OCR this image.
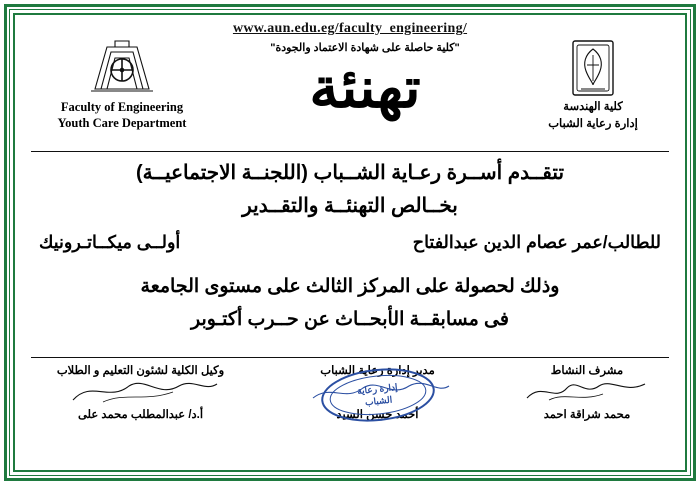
www.aun.edu.eg/faculty_engineering/
Faculty of Engineering
Youth Care Department
"كلية حاصلة على شهادة الاعتماد والجودة"
تهنئة	كلية الهندسة
إدارة رعاية الشباب
تتقــدم أســرة رعـاية الشــباب (اللجنــة الاجتماعيــة)
بخــالص التهنئــة والتقــدير
للطالب/عمر عصام الدين عبدالفتاح
أولــى ميكــاتـرونيك
وذلك لحصولة على المركز الثالث على مستوى الجامعة
فى مسابقــة الأبحــاث عن حــرب أكتـوبر
مشرف النشاط
محمد شراقة احمد
مدير إدارة رعاية الشباب
إدارة رعاية
الشباب
أحمد حسن السيد
وكيل الكلية لشئون التعليم و الطلاب
أ.د/ عبدالمطلب محمد على
